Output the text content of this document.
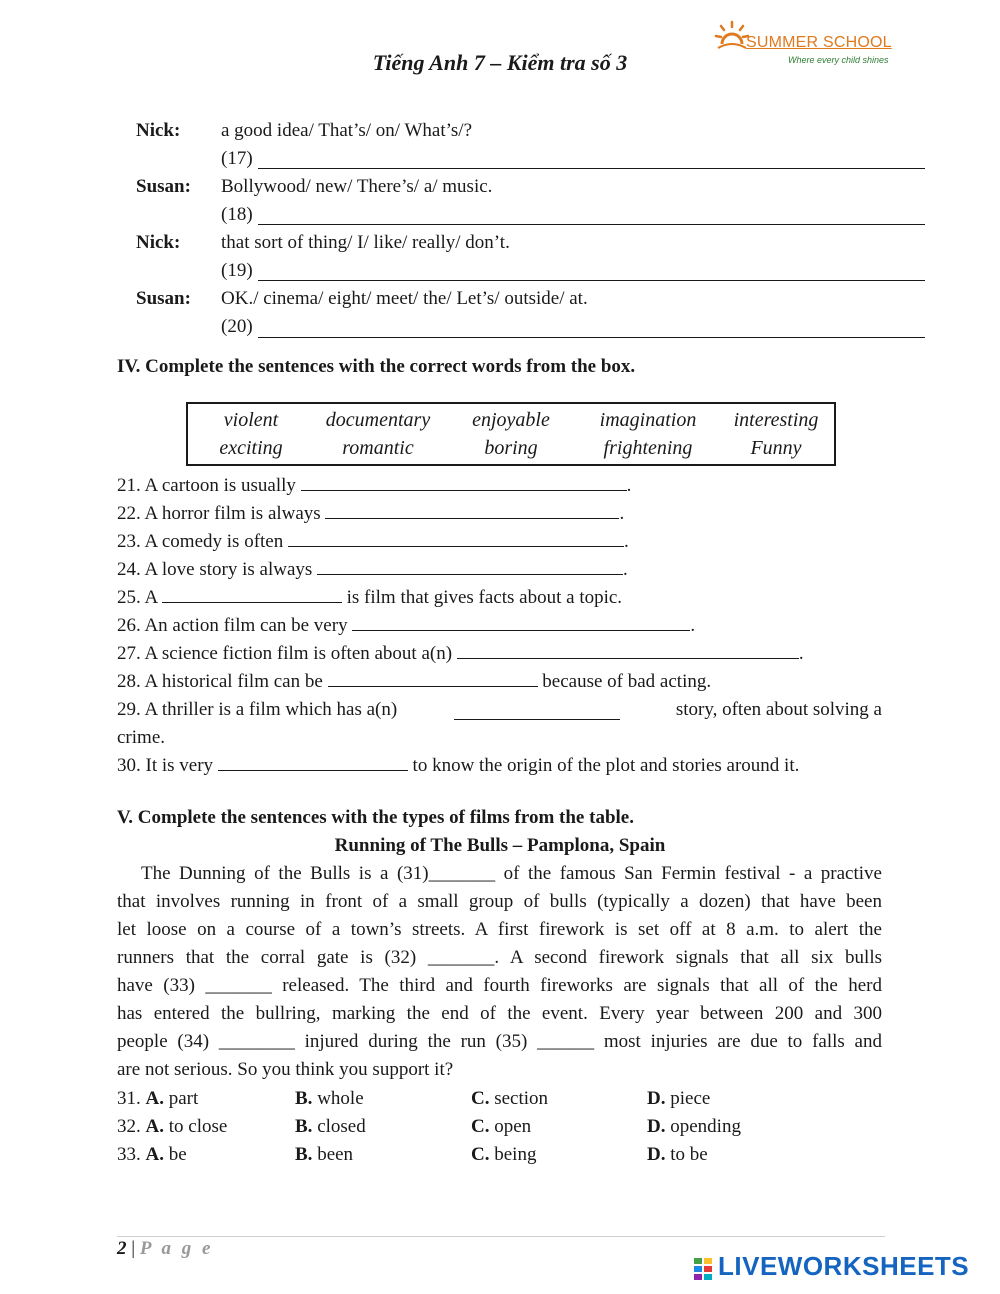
Tiếng Anh 7 – Kiểm tra số 3
SUMMER SCHOOL
Where every child shines
Nick: a good idea/ That’s/ on/ What’s/?
(17)
Susan: Bollywood/ new/ There’s/ a/ music.
(18)
Nick: that sort of thing/ I/ like/ really/ don’t.
(19)
Susan: OK./ cinema/ eight/ meet/ the/ Let’s/ outside/ at.
(20)
IV. Complete the sentences with the correct words from the box.
violent	documentary	enjoyable	imagination	interesting
exciting	romantic	boring	frightening	Funny
21. A cartoon is usually	.
22. A horror film is always	.
23. A comedy is often	.
24. A love story is always	.
25. A	is film that gives facts about a topic.
26. An action film can be very	.
27. A science fiction film is often about a(n)	.
28. A historical film can be	because of bad acting.
29. A thriller is a film which has a(n)	story, often about solving a
crime.
30. It is very	to know the origin of the plot and stories around it.
V. Complete the sentences with the types of films from the table.
Running of The Bulls – Pamplona, Spain
The Dunning of the Bulls is a (31)_______ of the famous San Fermin festival - a practive
that involves running in front of a small group of bulls (typically a dozen) that have been
let loose on a course of a town’s streets. A first firework is set off at 8 a.m. to alert the
runners that the corral gate is (32) _______. A second firework signals that all six bulls
have (33) _______ released. The third and fourth fireworks are signals that all of the herd
has entered the bullring, marking the end of the event. Every year between 200 and 300
people (34) ________ injured during the run (35) ______ most injuries are due to falls and
are not serious. So you think you support it?
31. A. part	B. whole	C. section	D. piece
32. A. to close	B. closed	C. open	D. opending
33. A. be	B. been	C. being	D. to be
2 | P a g e
LIVEWORKSHEETS
